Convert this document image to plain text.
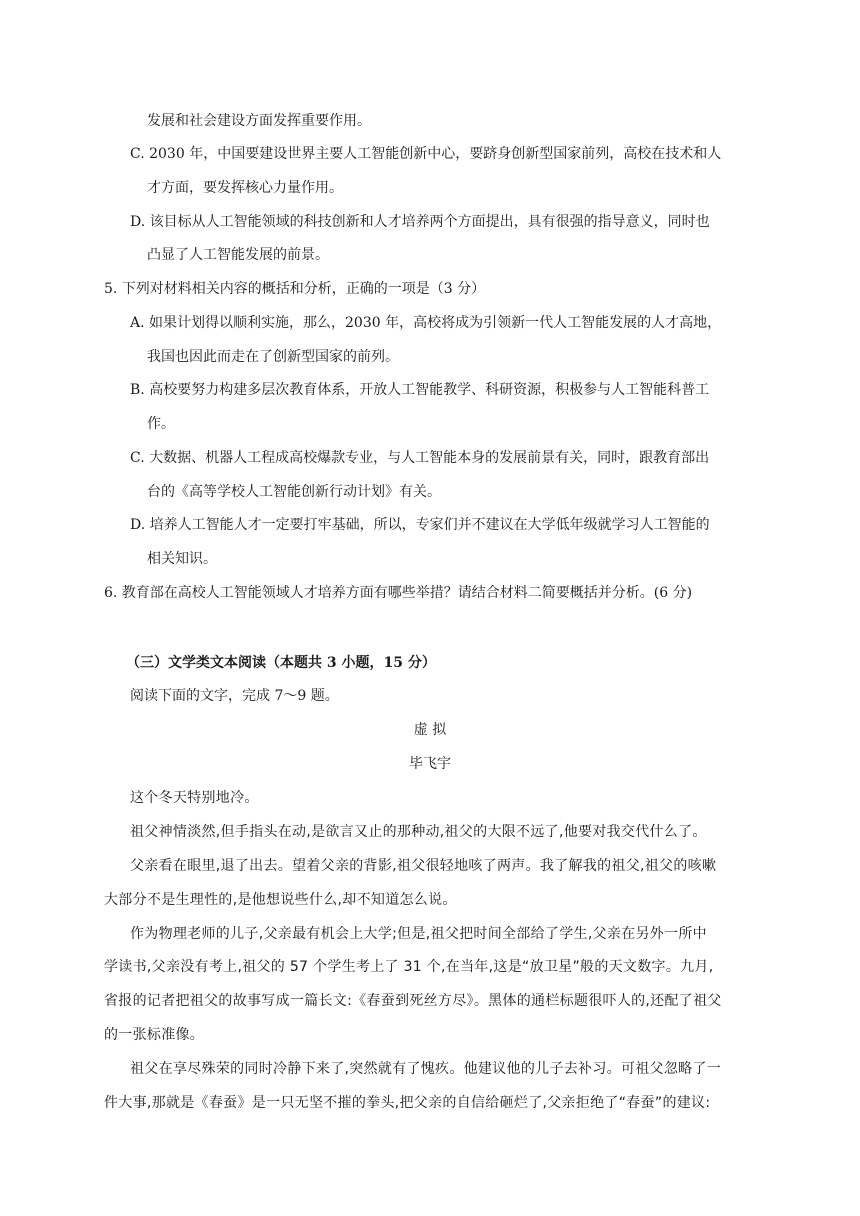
发展和社会建设方面发挥重要作用。
C. 2030 年，中国要建设世界主要人工智能创新中心，要跻身创新型国家前列，高校在技术和人
才方面，要发挥核心力量作用。
D. 该目标从人工智能领域的科技创新和人才培养两个方面提出，具有很强的指导意义，同时也
凸显了人工智能发展的前景。
5. 下列对材料相关内容的概括和分析，正确的一项是（3 分）
A. 如果计划得以顺利实施，那么，2030 年，高校将成为引领新一代人工智能发展的人才高地，
我国也因此而走在了创新型国家的前列。
B. 高校要努力构建多层次教育体系，开放人工智能教学、科研资源，积极参与人工智能科普工
作。
C. 大数据、机器人工程成高校爆款专业，与人工智能本身的发展前景有关，同时，跟教育部出
台的《高等学校人工智能创新行动计划》有关。
D. 培养人工智能人才一定要打牢基础，所以，专家们并不建议在大学低年级就学习人工智能的
相关知识。
6. 教育部在高校人工智能领域人才培养方面有哪些举措？请结合材料二简要概括并分析。(6 分)
（三）文学类文本阅读（本题共 3 小题，15 分）
阅读下面的文字，完成 7～9 题。
虚 拟
毕飞宇
这个冬天特别地冷。
祖父神情淡然,但手指头在动,是欲言又止的那种动,祖父的大限不远了,他要对我交代什么了。
父亲看在眼里,退了出去。望着父亲的背影,祖父很轻地咳了两声。我了解我的祖父,祖父的咳嗽
大部分不是生理性的,是他想说些什么,却不知道怎么说。
作为物理老师的儿子,父亲最有机会上大学;但是,祖父把时间全部给了学生,父亲在另外一所中
学读书,父亲没有考上,祖父的 57 个学生考上了 31 个,在当年,这是“放卫星”般的天文数字。九月,
省报的记者把祖父的故事写成一篇长文:《春蚕到死丝方尽》。黑体的通栏标题很吓人的,还配了祖父
的一张标准像。
祖父在享尽殊荣的同时冷静下来了,突然就有了愧疚。他建议他的儿子去补习。可祖父忽略了一
件大事,那就是《春蚕》是一只无坚不摧的拳头,把父亲的自信给砸烂了,父亲拒绝了“春蚕”的建议:
